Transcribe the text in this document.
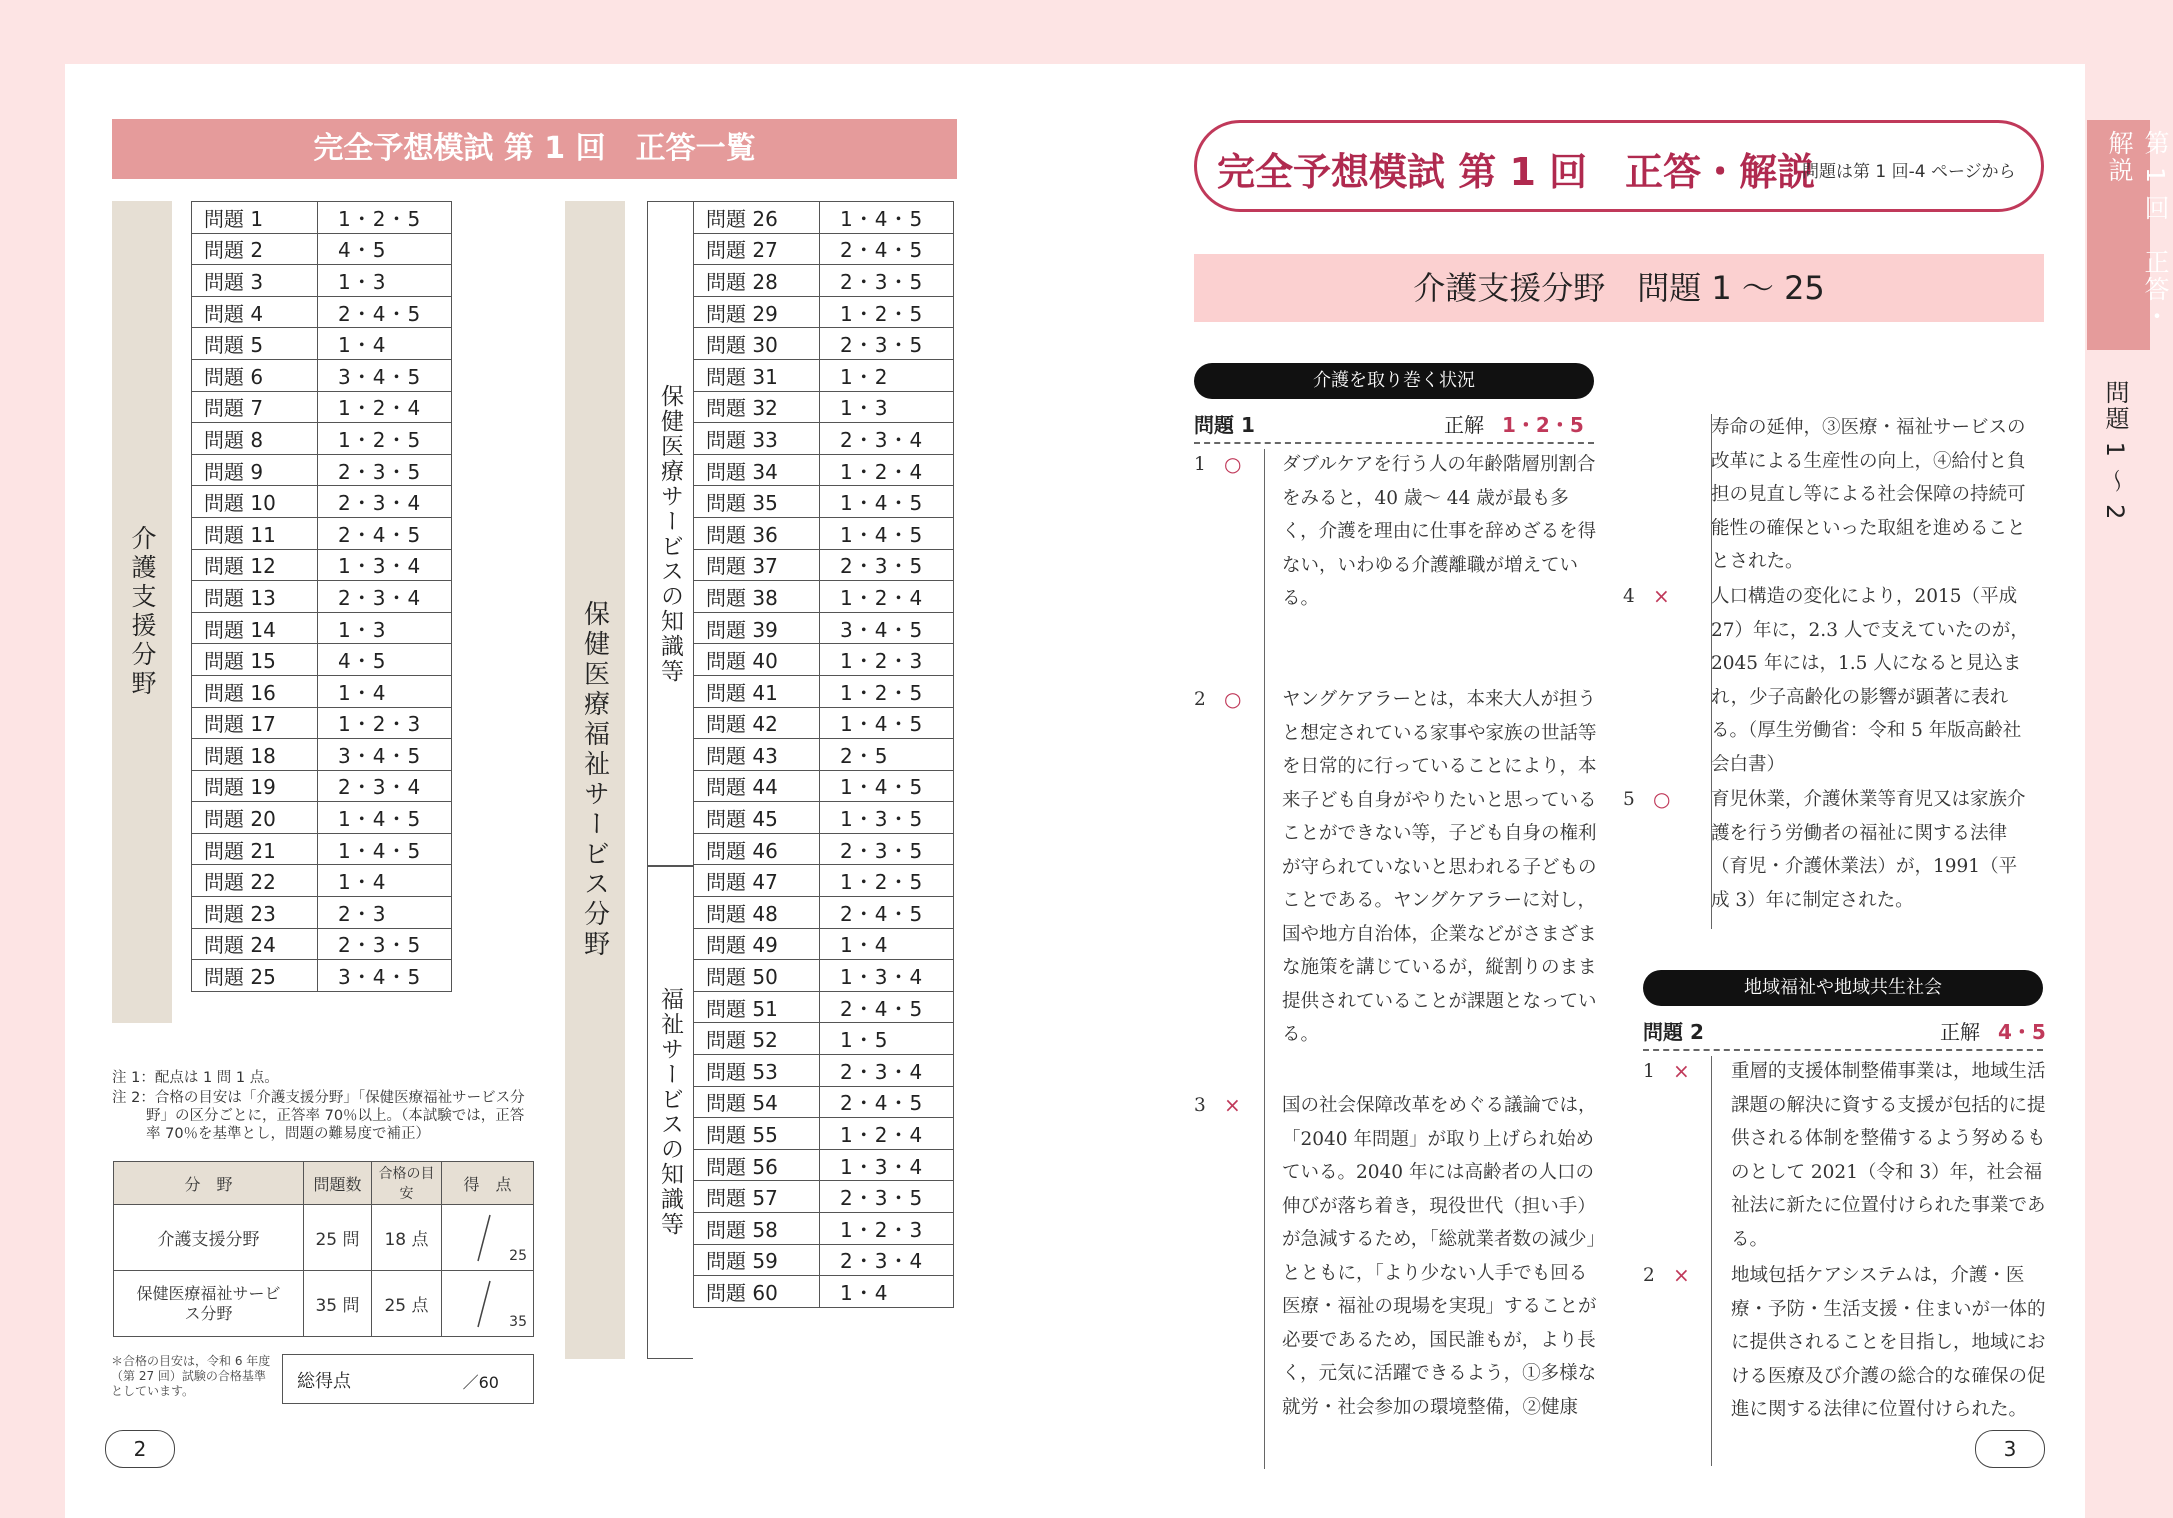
完全予想模試 第 1 回　正答一覧
介護支援分野
問題 1	1・2・5
問題 2	4・5
問題 3	1・3
問題 4	2・4・5
問題 5	1・4
問題 6	3・4・5
問題 7	1・2・4
問題 8	1・2・5
問題 9	2・3・5
問題 10	2・3・4
問題 11	2・4・5
問題 12	1・3・4
問題 13	2・3・4
問題 14	1・3
問題 15	4・5
問題 16	1・4
問題 17	1・2・3
問題 18	3・4・5
問題 19	2・3・4
問題 20	1・4・5
問題 21	1・4・5
問題 22	1・4
問題 23	2・3
問題 24	2・3・5
問題 25	3・4・5
保健医療福祉サービス分野
保健医療サービスの知識等
福祉サービスの知識等
問題 26	1・4・5
問題 27	2・4・5
問題 28	2・3・5
問題 29	1・2・5
問題 30	2・3・5
問題 31	1・2
問題 32	1・3
問題 33	2・3・4
問題 34	1・2・4
問題 35	1・4・5
問題 36	1・4・5
問題 37	2・3・5
問題 38	1・2・4
問題 39	3・4・5
問題 40	1・2・3
問題 41	1・2・5
問題 42	1・4・5
問題 43	2・5
問題 44	1・4・5
問題 45	1・3・5
問題 46	2・3・5
問題 47	1・2・5
問題 48	2・4・5
問題 49	1・4
問題 50	1・3・4
問題 51	2・4・5
問題 52	1・5
問題 53	2・3・4
問題 54	2・4・5
問題 55	1・2・4
問題 56	1・3・4
問題 57	2・3・5
問題 58	1・2・3
問題 59	2・3・4
問題 60	1・4
注 1：配点は 1 問 1 点。
注 2：合格の目安は「介護支援分野」「保健医療福祉サービス分野」の区分ごとに，正答率 70％以上。（本試験では，正答率 70％を基準とし，問題の難易度で補正）
分　野	問題数	合格の目安	得　点
介護支援分野	25 問	18 点	25

保健医療福祉サービス分野	35 問	25 点	35
＊合格の目安は，令和 6 年度（第 27 回）試験の合格基準としています。	総得点	／60
2
完全予想模試 第 1 回　正答・解説
問題は第 1 回-4 ページから
介護支援分野　問題 1 〜 25
介護を取り巻く状況
問題 1	正解 1・2・5
1 ○ ダブルケアを行う人の年齢階層別割合をみると，40 歳〜 44 歳が最も多く，介護を理由に仕事を辞めざるを得ない，いわゆる介護離職が増えている。
2 ○ ヤングケアラーとは，本来大人が担うと想定されている家事や家族の世話等を日常的に行っていることにより，本来子ども自身がやりたいと思っていることができない等，子ども自身の権利が守られていないと思われる子どものことである。ヤングケアラーに対し，国や地方自治体，企業などがさまざまな施策を講じているが，縦割りのまま提供されていることが課題となっている。
3 × 国の社会保障改革をめぐる議論では，「2040 年問題」が取り上げられ始めている。2040 年には高齢者の人口の伸びが落ち着き，現役世代（担い手）が急減するため，「総就業者数の減少」とともに，「より少ない人手でも回る医療・福祉の現場を実現」することが必要であるため，国民誰もが，より長く，元気に活躍できるよう，①多様な就労・社会参加の環境整備，②健康
寿命の延伸，③医療・福祉サービスの改革による生産性の向上，④給付と負担の見直し等による社会保障の持続可能性の確保といった取組を進めることとされた。
4 × 人口構造の変化により，2015（平成 27）年に，2.3 人で支えていたのが，2045 年には，1.5 人になると見込まれ，少子高齢化の影響が顕著に表れる。（厚生労働省：令和 5 年版高齢社会白書）
5 ○ 育児休業，介護休業等育児又は家族介護を行う労働者の福祉に関する法律（育児・介護休業法）が，1991（平成 3）年に制定された。
地域福祉や地域共生社会
問題 2	正解 4・5
1 × 重層的支援体制整備事業は，地域生活課題の解決に資する支援が包括的に提供される体制を整備するよう努めるものとして 2021（令和 3）年，社会福祉法に新たに位置付けられた事業である。
2 × 地域包括ケアシステムは，介護・医療・予防・生活支援・住まいが一体的に提供されることを目指し，地域における医療及び介護の総合的な確保の促進に関する法律に位置付けられた。
3
第 1 回　正答・解説
問題 1 〜 2
